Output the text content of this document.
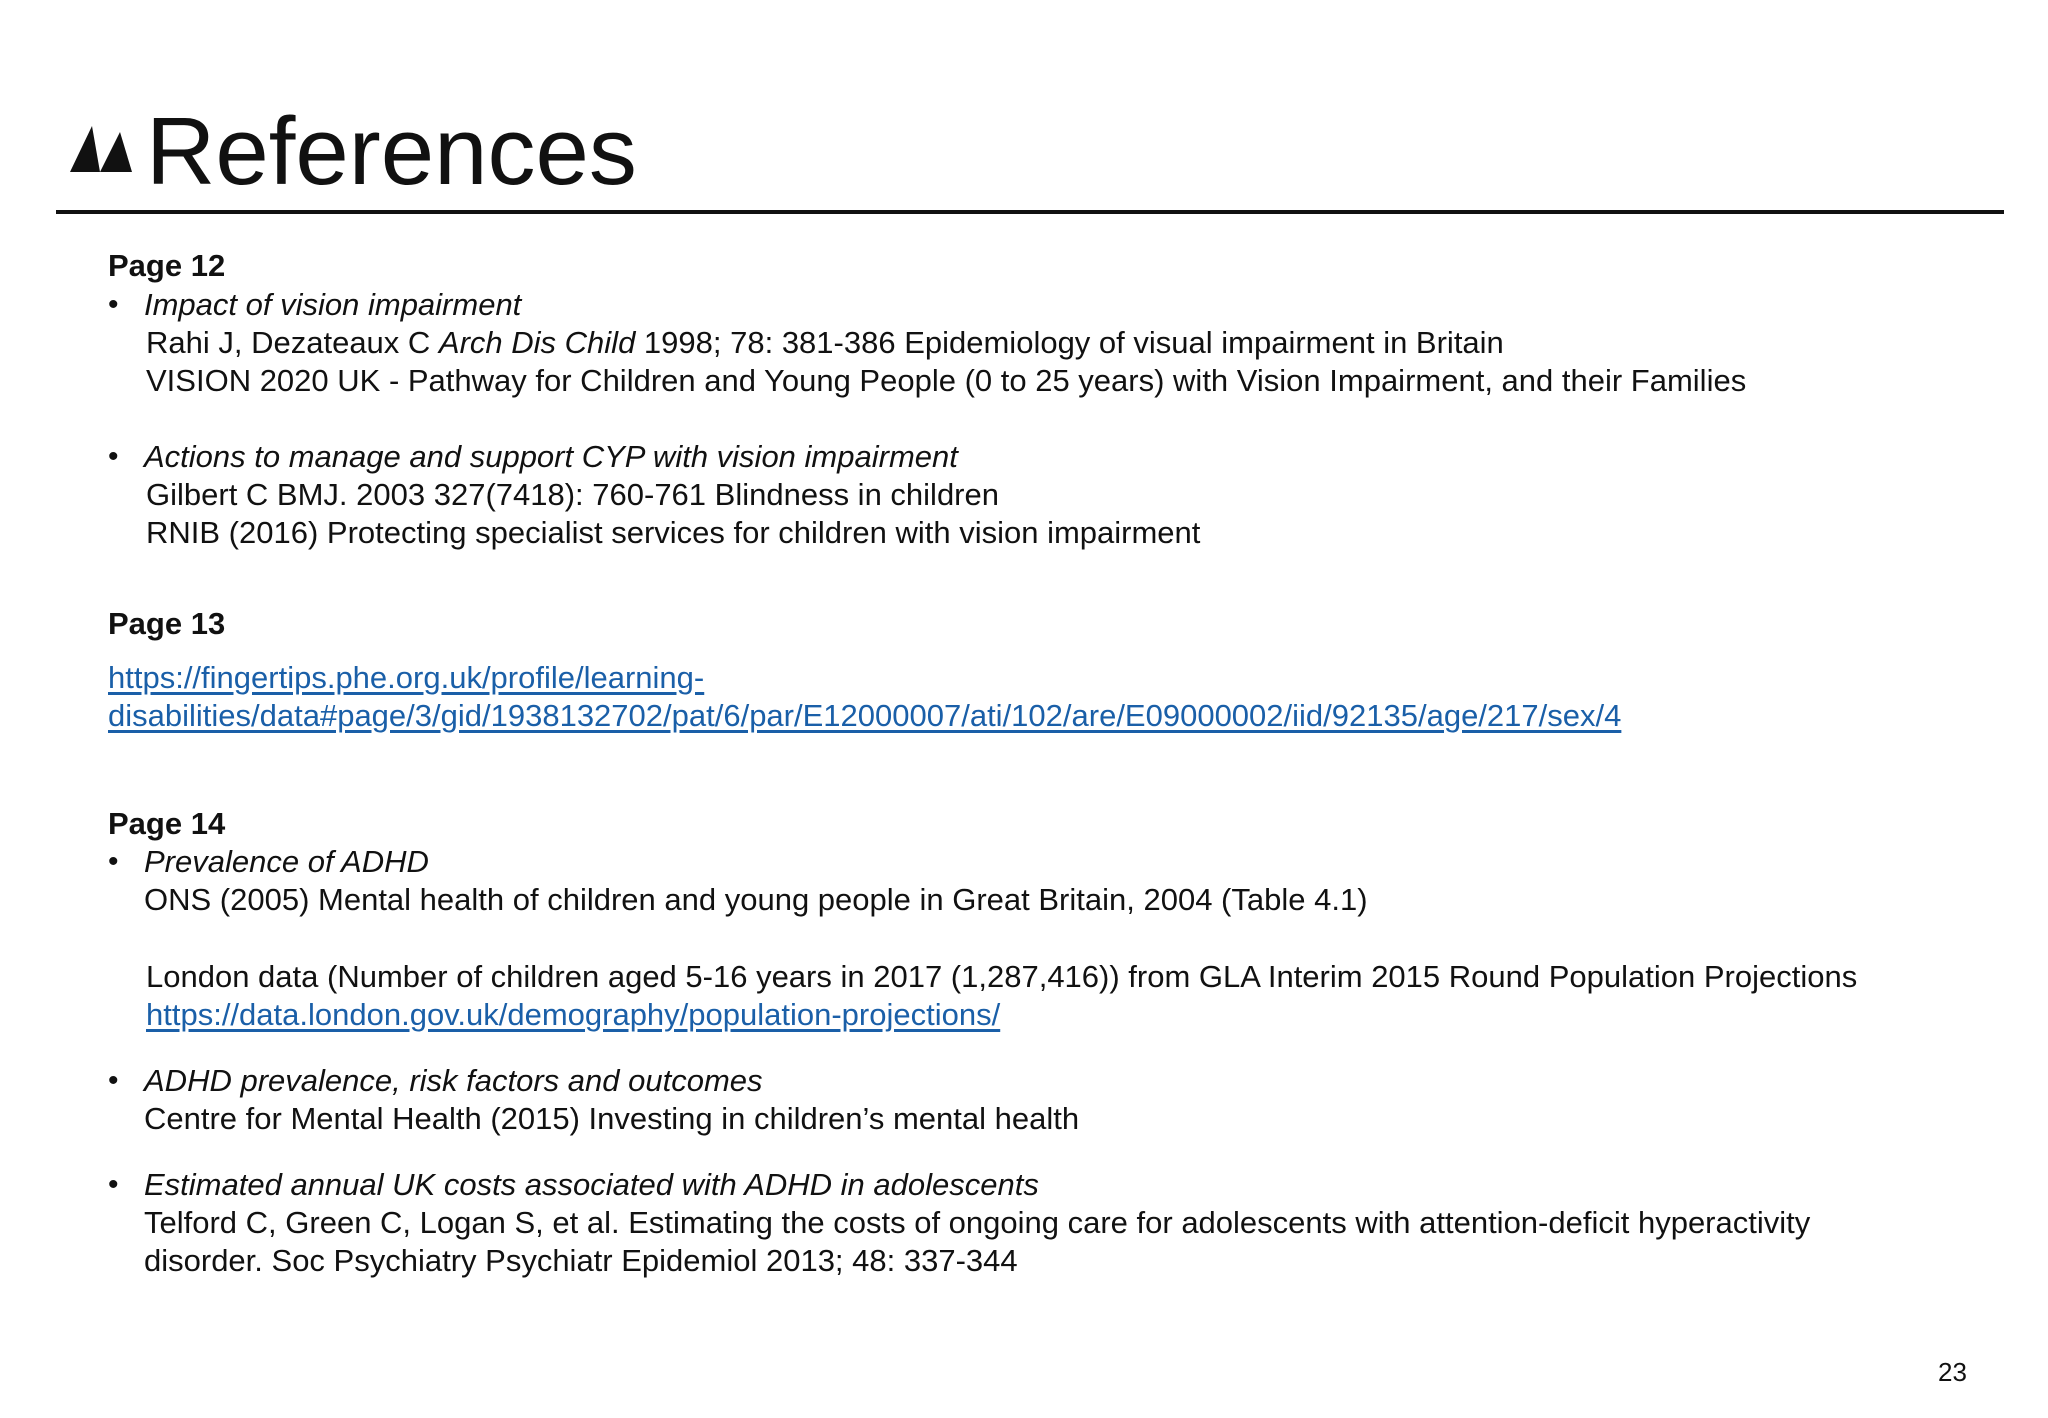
References
Page 12
• Impact of vision impairment
Rahi J, Dezateaux C Arch Dis Child 1998; 78: 381-386 Epidemiology of visual impairment in Britain
VISION 2020 UK - Pathway for Children and Young People (0 to 25 years) with Vision Impairment, and their Families
• Actions to manage and support CYP with vision impairment
Gilbert C BMJ. 2003 327(7418): 760-761 Blindness in children
RNIB (2016) Protecting specialist services for children with vision impairment
Page 13
https://fingertips.phe.org.uk/profile/learning-
disabilities/data#page/3/gid/1938132702/pat/6/par/E12000007/ati/102/are/E09000002/iid/92135/age/217/sex/4
Page 14
• Prevalence of ADHD
ONS (2005) Mental health of children and young people in Great Britain, 2004 (Table 4.1)
London data (Number of children aged 5-16 years in 2017 (1,287,416)) from GLA Interim 2015 Round Population Projections
https://data.london.gov.uk/demography/population-projections/
• ADHD prevalence, risk factors and outcomes
Centre for Mental Health (2015) Investing in children’s mental health
• Estimated annual UK costs associated with ADHD in adolescents
Telford C, Green C, Logan S, et al. Estimating the costs of ongoing care for adolescents with attention-deficit hyperactivity
disorder. Soc Psychiatry Psychiatr Epidemiol 2013; 48: 337-344
23
